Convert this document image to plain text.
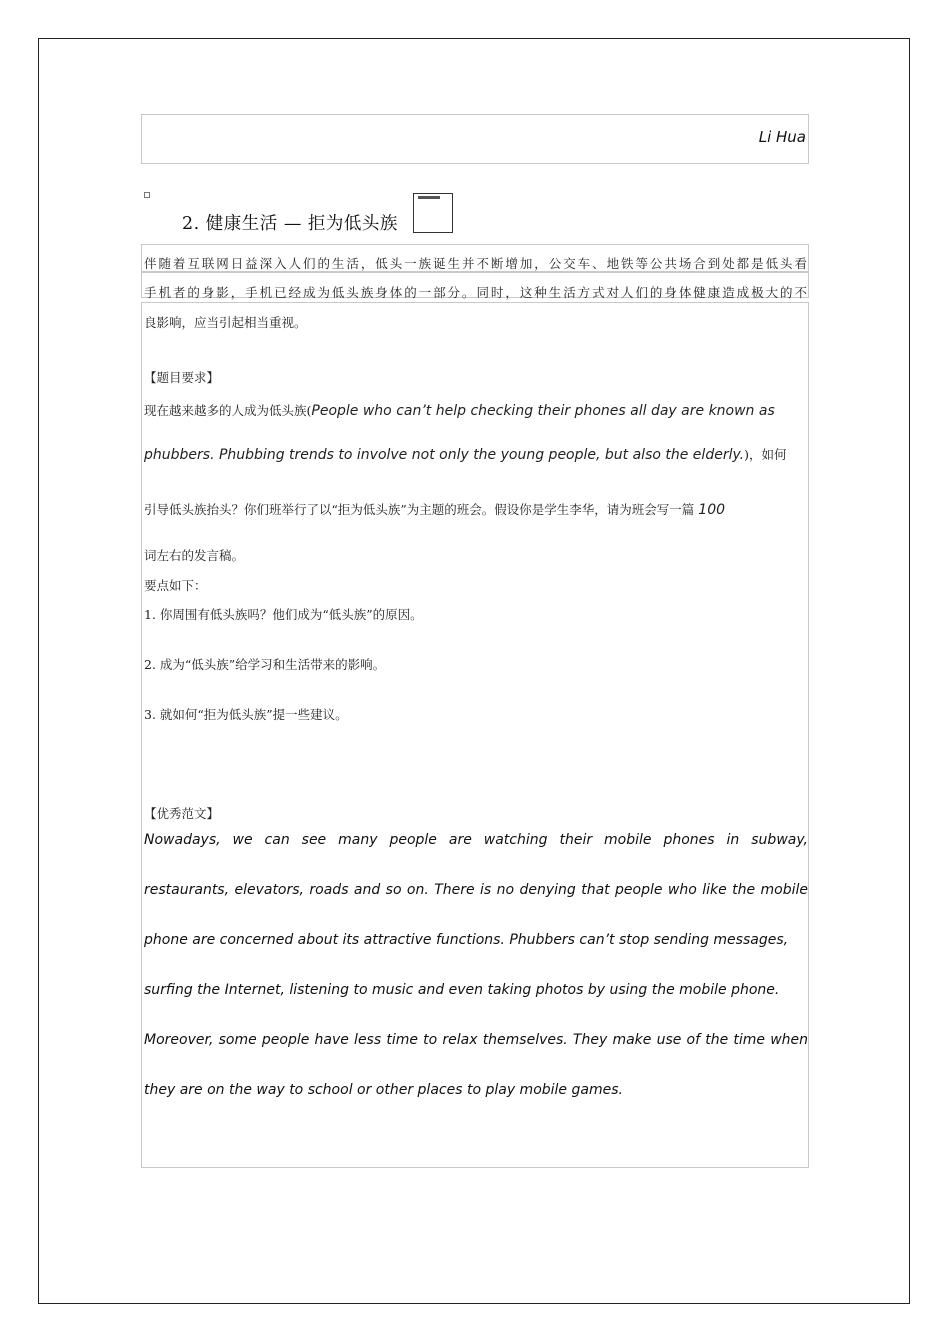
Li Hua
2. 健康生活 — 拒为低头族
伴随着互联网日益深入人们的生活，低头一族诞生并不断增加，公交车、地铁等公共场合到处都是低头看
手机者的身影，手机已经成为低头族身体的一部分。同时，这种生活方式对人们的身体健康造成极大的不
良影响，应当引起相当重视。
【题目要求】
现在越来越多的人成为低头族(People who can’t help checking their phones all day are known as
phubbers. Phubbing trends to involve not only the young people, but also the elderly.)，如何
引导低头族抬头？你们班举行了以“拒为低头族”为主题的班会。假设你是学生李华，请为班会写一篇 100
词左右的发言稿。
要点如下：
1. 你周围有低头族吗？他们成为“低头族”的原因。
2. 成为“低头族”给学习和生活带来的影响。
3. 就如何“拒为低头族”提一些建议。
【优秀范文】
Nowadays, we can see many people are watching their mobile phones in subway,
restaurants, elevators, roads and so on. There is no denying that people who like the mobile
phone are concerned about its attractive functions. Phubbers can’t stop sending messages,
surfing the Internet, listening to music and even taking photos by using the mobile phone.
Moreover, some people have less time to relax themselves. They make use of the time when
they are on the way to school or other places to play mobile games.
